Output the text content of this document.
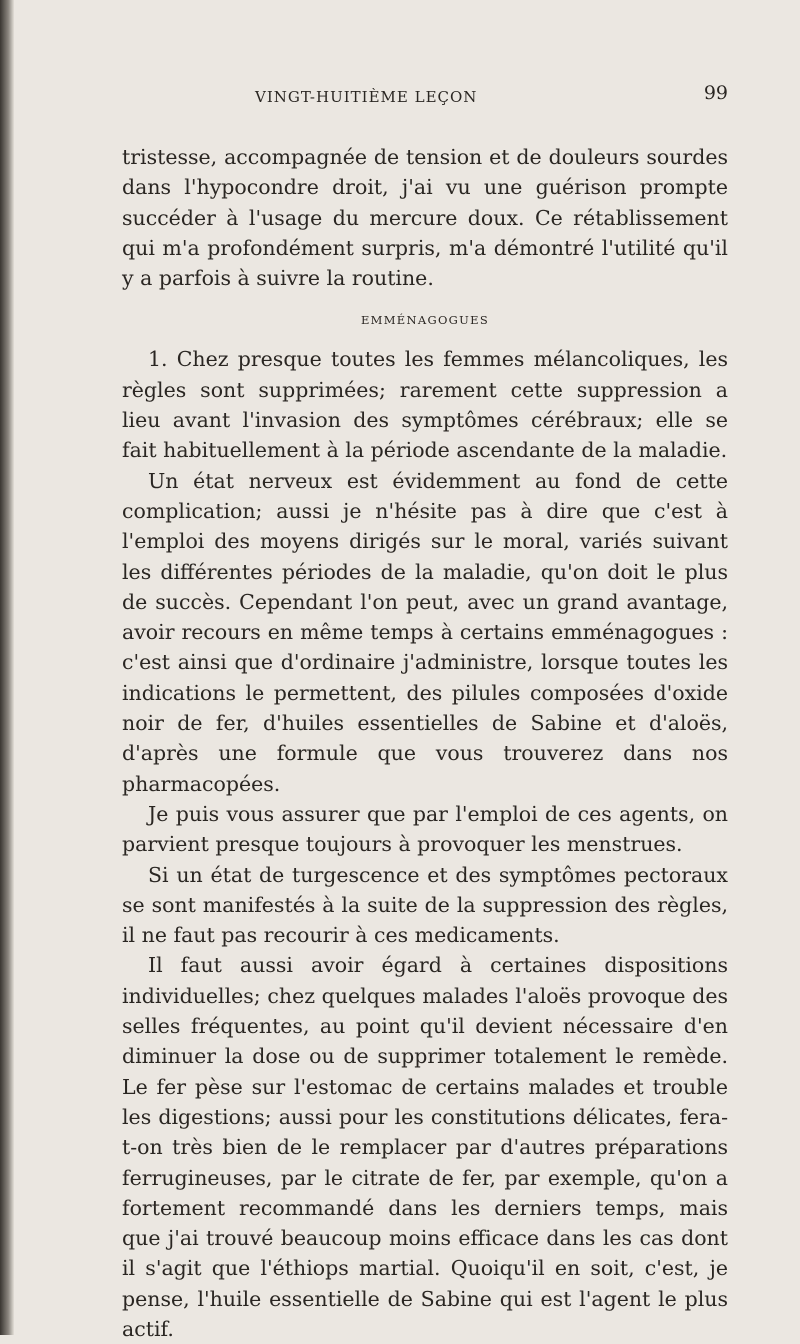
VINGT-HUITIÈME LEÇON	99

tristesse, accompagnée de tension et de douleurs sourdes dans l'hypocondre droit, j'ai vu une guérison prompte succéder à l'usage du mercure doux. Ce rétablissement qui m'a profondément surpris, m'a démontré l'utilité qu'il y a parfois à suivre la routine.

EMMÉNAGOGUES

1. Chez presque toutes les femmes mélancoliques, les règles sont supprimées; rarement cette suppression a lieu avant l'invasion des symptômes cérébraux; elle se fait habituellement à la période ascendante de la maladie.

Un état nerveux est évidemment au fond de cette complication; aussi je n'hésite pas à dire que c'est à l'emploi des moyens dirigés sur le moral, variés suivant les différentes périodes de la maladie, qu'on doit le plus de succès. Cependant l'on peut, avec un grand avantage, avoir recours en même temps à certains emménagogues : c'est ainsi que d'ordinaire j'administre, lorsque toutes les indications le permettent, des pilules composées d'oxide noir de fer, d'huiles essentielles de Sabine et d'aloës, d'après une formule que vous trouverez dans nos pharmacopées.

Je puis vous assurer que par l'emploi de ces agents, on parvient presque toujours à provoquer les menstrues.

Si un état de turgescence et des symptômes pectoraux se sont manifestés à la suite de la suppression des règles, il ne faut pas recourir à ces medicaments.

Il faut aussi avoir égard à certaines dispositions individuelles; chez quelques malades l'aloës provoque des selles fréquentes, au point qu'il devient nécessaire d'en diminuer la dose ou de supprimer totalement le remède. Le fer pèse sur l'estomac de certains malades et trouble les digestions; aussi pour les constitutions délicates, fera-t-on très bien de le remplacer par d'autres préparations ferrugineuses, par le citrate de fer, par exemple, qu'on a fortement recommandé dans les derniers temps, mais que j'ai trouvé beaucoup moins efficace dans les cas dont il s'agit que l'éthiops martial. Quoiqu'il en soit, c'est, je pense, l'huile essentielle de Sabine qui est l'agent le plus actif.
